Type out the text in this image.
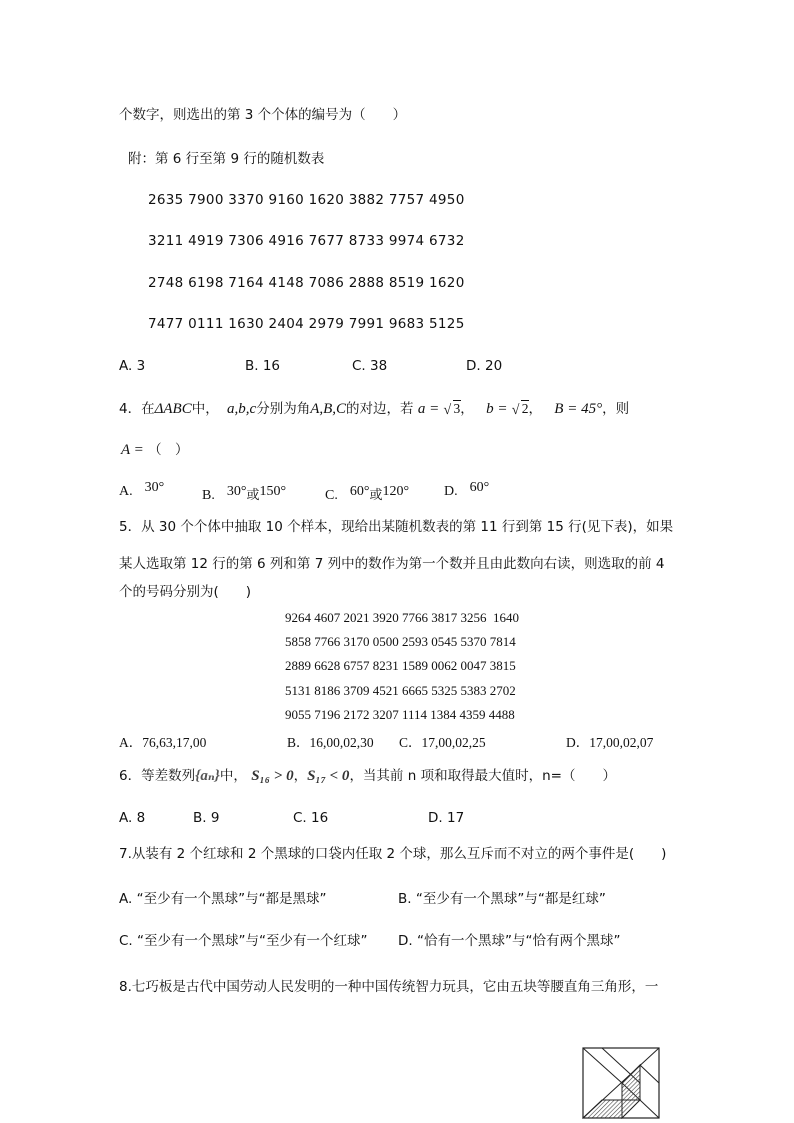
个数字，则选出的第 3 个个体的编号为（　　）
附：第 6 行至第 9 行的随机数表
2635 7900 3370 9160 1620 3882 7757 4950
3211 4919 7306 4916 7677 8733 9974 6732
2748 6198 7164 4148 7086 2888 8519 1620
7477 0111 1630 2404 2979 7991 9683 5125
A. 3	B. 16	C. 38	D. 20
4．在ΔABC中， a,b,c分别为角A,B,C的对边，若 a = √ 3， b = √ 2， B = 45°，则
A = （　）
A. 30°
B. 30°或150°	C. 60°或120° D. 60°
5．从 30 个个体中抽取 10 个样本，现给出某随机数表的第 11 行到第 15 行(见下表)，如果
某人选取第 12 行的第 6 列和第 7 列中的数作为第一个数并且由此数向右读，则选取的前 4
个的号码分别为(　　)
9264 4607 2021 3920 7766 3817 3256  1640
5858 7766 3170 0500 2593 0545 5370 7814
2889 6628 6757 8231 1589 0062 0047 3815
5131 8186 3709 4521 6665 5325 5383 2702
9055 7196 2172 3207 1114 1384 4359 4488
A．76,63,17,00	B．16,00,02,30 C．17,00,02,25	D．17,00,02,07
6．等差数列{aₙ}中， S₁₆ > 0，S₁₇ < 0，当其前 n 项和取得最大值时，n=（　　）
A. 8	B. 9	C. 16	D. 17
7.从装有 2 个红球和 2 个黑球的口袋内任取 2 个球，那么互斥而不对立的两个事件是(　　)
A. “至少有一个黑球”与“都是黑球”	B. “至少有一个黑球”与“都是红球”
C. “至少有一个黑球”与“至少有一个红球” D. “恰有一个黑球”与“恰有两个黑球”
8.七巧板是古代中国劳动人民发明的一种中国传统智力玩具，它由五块等腰直角三角形，一
